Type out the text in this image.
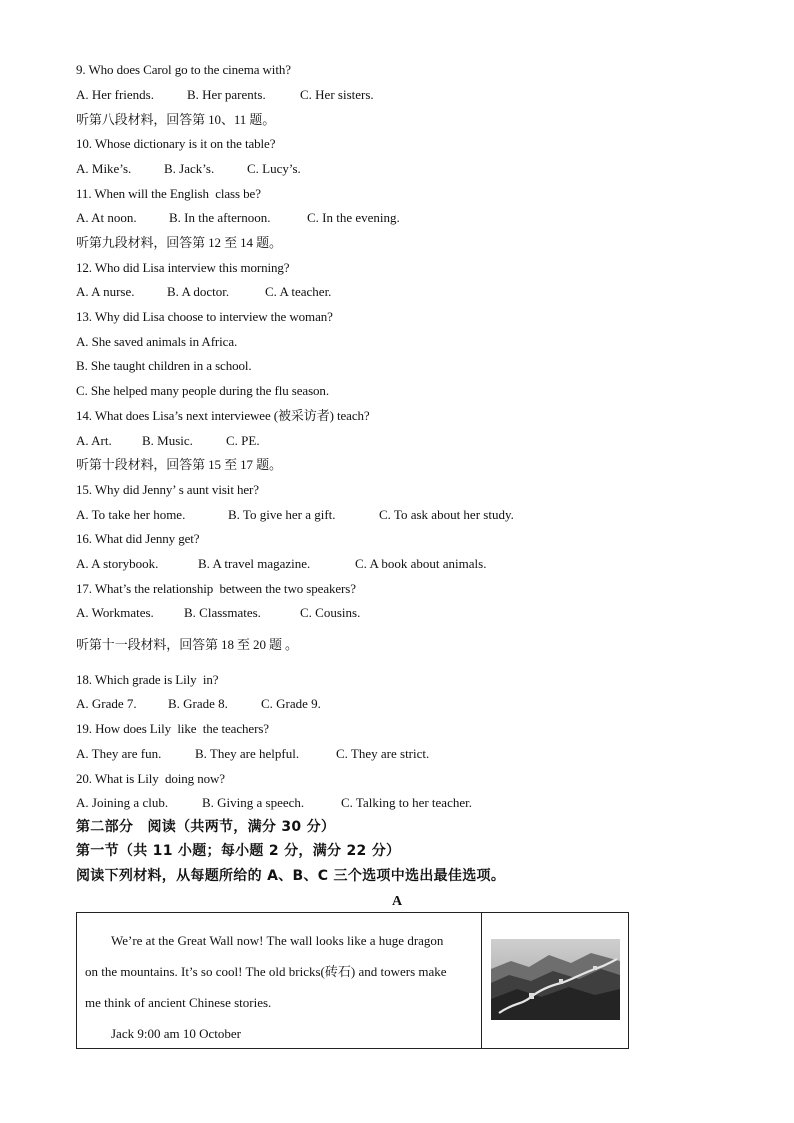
9. Who does Carol go to the cinema with?
A. Her friends.	B. Her parents.	C. Her sisters.
听第八段材料，回答第 10、11 题。
10. Whose dictionary is it on the table?
A. Mike’s.	B. Jack’s.	C. Lucy’s.
11. When will the English  class be?
A. At noon. B. In the afternoon.	C. In the evening.
听第九段材料，回答第 12 至 14 题。
12. Who did Lisa interview this morning?
A. A nurse.	B. A doctor.	C. A teacher.
13. Why did Lisa choose to interview the woman?
A. She saved animals in Africa.
B. She taught children in a school.
C. She helped many people during the flu season.
14. What does Lisa’s next interviewee (被采访者) teach?
A. Art. B. Music.	C. PE.
听第十段材料，回答第 15 至 17 题。
15. Why did Jenny’ s aunt visit her?
A. To take her home.	B. To give her a gift.	C. To ask about her study.
16. What did Jenny get?
A. A storybook.	B. A travel magazine.	C. A book about animals.
17. What’s the relationship  between the two speakers?
A. Workmates. B. Classmates.	C. Cousins.
听第十一段材料，回答第 18 至 20 题 。
18. Which grade is Lily  in?
A. Grade 7. B. Grade 8.	C. Grade 9.
19. How does Lily  like  the teachers?
A. They are fun.	B. They are helpful.	C. They are strict.
20. What is Lily  doing now?
A. Joining a club.	B. Giving a speech.	C. Talking to her teacher.
第二部分　阅读（共两节，满分 30 分）
第一节（共 11 小题；每小题 2 分，满分 22 分）
阅读下列材料，从每题所给的 A、B、C 三个选项中选出最佳选项。
A

We’re at the Great Wall now! The wall looks like a huge dragon

on the mountains. It’s so cool! The old bricks(砖石) and towers make

me think of ancient Chinese stories.

Jack 9:00 am 10 October
